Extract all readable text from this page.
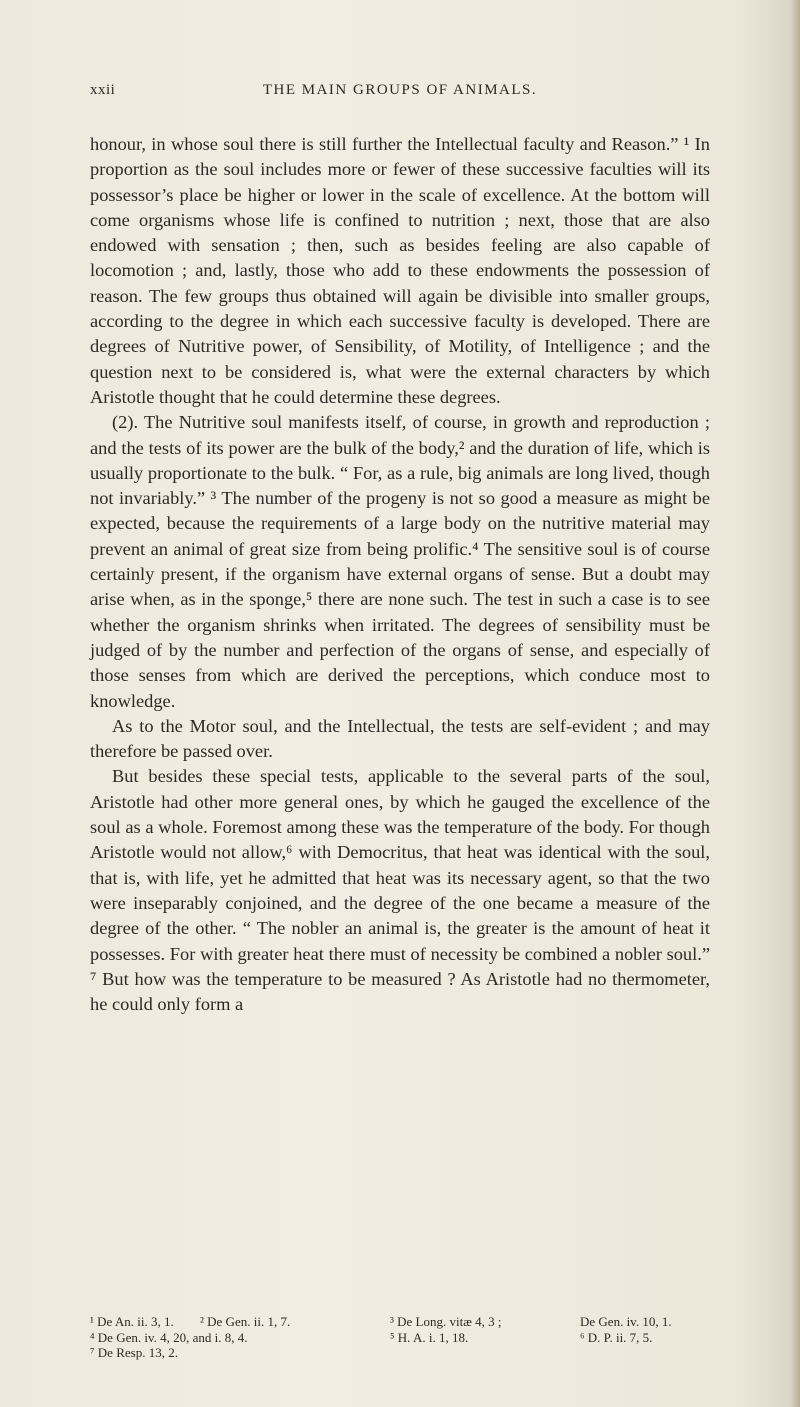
xxii	THE MAIN GROUPS OF ANIMALS.

honour, in whose soul there is still further the Intellectual faculty and Reason.” ¹ In proportion as the soul includes more or fewer of these successive faculties will its possessor’s place be higher or lower in the scale of excellence. At the bottom will come organisms whose life is confined to nutrition ; next, those that are also endowed with sensation ; then, such as besides feeling are also capable of locomotion ; and, lastly, those who add to these endowments the possession of reason. The few groups thus obtained will again be divisible into smaller groups, according to the degree in which each successive faculty is developed. There are degrees of Nutritive power, of Sensibility, of Motility, of Intelligence ; and the question next to be considered is, what were the external characters by which Aristotle thought that he could determine these degrees.

(2). The Nutritive soul manifests itself, of course, in growth and reproduction ; and the tests of its power are the bulk of the body,² and the duration of life, which is usually proportionate to the bulk. “ For, as a rule, big animals are long lived, though not invariably.” ³ The number of the progeny is not so good a measure as might be expected, because the requirements of a large body on the nutritive material may prevent an animal of great size from being prolific.⁴ The sensitive soul is of course certainly present, if the organism have external organs of sense. But a doubt may arise when, as in the sponge,⁵ there are none such. The test in such a case is to see whether the organism shrinks when irritated. The degrees of sensibility must be judged of by the number and perfection of the organs of sense, and especially of those senses from which are derived the perceptions, which conduce most to knowledge.

As to the Motor soul, and the Intellectual, the tests are self-evident ; and may therefore be passed over.

But besides these special tests, applicable to the several parts of the soul, Aristotle had other more general ones, by which he gauged the excellence of the soul as a whole. Foremost among these was the temperature of the body. For though Aristotle would not allow,⁶ with Democritus, that heat was identical with the soul, that is, with life, yet he admitted that heat was its necessary agent, so that the two were inseparably conjoined, and the degree of the one became a measure of the degree of the other. “ The nobler an animal is, the greater is the amount of heat it possesses. For with greater heat there must of necessity be combined a nobler soul.” ⁷ But how was the temperature to be measured ? As Aristotle had no thermometer, he could only form a

¹ De An. ii. 3, 1.	² De Gen. ii. 1, 7.	³ De Long. vitæ 4, 3 ;	De Gen. iv. 10, 1.
⁴ De Gen. iv. 4, 20, and i. 8, 4.	⁵ H. A. i. 1, 18.	⁶ D. P. ii. 7, 5.
⁷ De Resp. 13, 2.
